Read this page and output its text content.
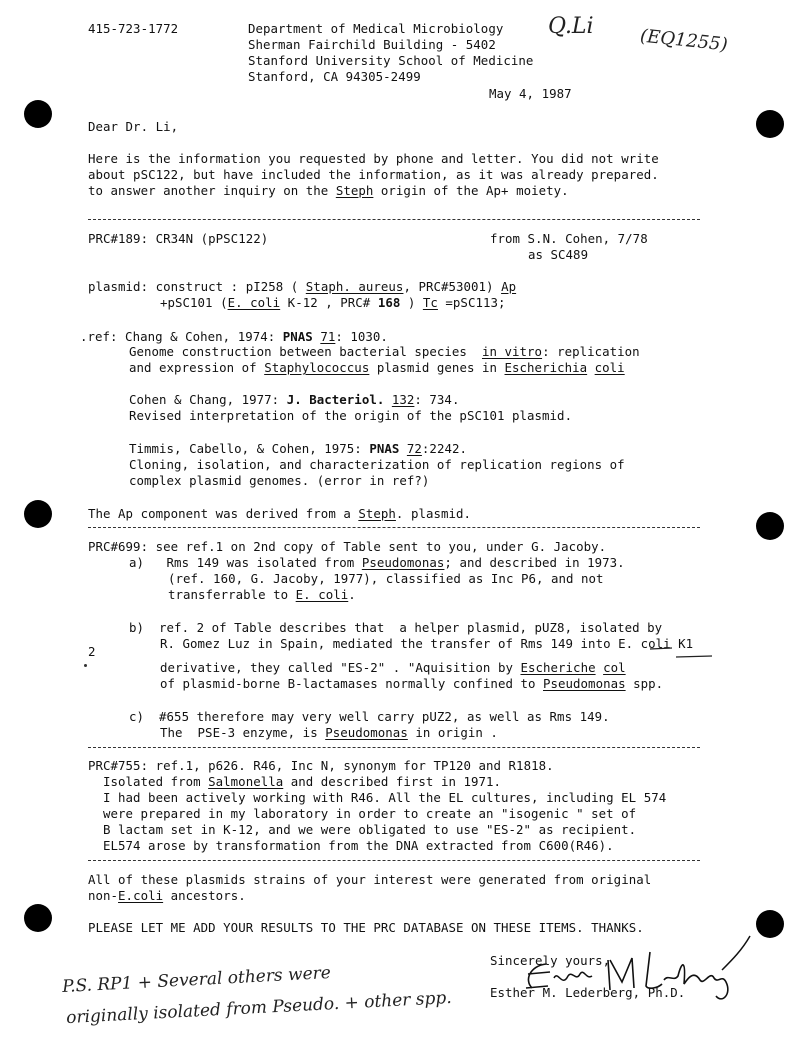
415-723-1772	Department of Medical Microbiology
Sherman Fairchild Building - 5402
Stanford University School of Medicine
Stanford, CA 94305-2499
May 4, 1987
Q.Li	(EQ1255)
Dear Dr. Li,
Here is the information you requested by phone and letter. You did not write
about pSC122, but have included the information, as it was already prepared.
to answer another inquiry on the Steph origin of the Ap+ moiety.
PRC#189: CR34N (pPSC122)	from S.N. Cohen, 7/78
as SC489
plasmid: construct : pI258 ( Staph. aureus, PRC#53001) Ap
+pSC101 (E. coli K-12 , PRC# 168 ) Tc =pSC113;
.ref: Chang & Cohen, 1974: PNAS 71: 1030.
Genome construction between bacterial species  in vitro: replication
and expression of Staphylococcus plasmid genes in Escherichia coli
Cohen & Chang, 1977: J. Bacteriol. 132: 734.
Revised interpretation of the origin of the pSC101 plasmid.
Timmis, Cabello, & Cohen, 1975: PNAS 72:2242.
Cloning, isolation, and characterization of replication regions of
complex plasmid genomes. (error in ref?)
The Ap component was derived from a Steph. plasmid.
PRC#699: see ref.1 on 2nd copy of Table sent to you, under G. Jacoby.
a)   Rms 149 was isolated from Pseudomonas; and described in 1973.
(ref. 160, G. Jacoby, 1977), classified as Inc P6, and not
transferrable to E. coli.
b)  ref. 2 of Table describes that  a helper plasmid, pUZ8, isolated by
R. Gomez Luz in Spain, mediated the transfer of Rms 149 into E. coli K1
2
derivative, they called "ES-2" . "Aquisition by Escheriche col
of plasmid-borne B-lactamases normally confined to Pseudomonas spp.
c)  #655 therefore may very well carry pUZ2, as well as Rms 149.
The  PSE-3 enzyme, is Pseudomonas in origin .
PRC#755: ref.1, p626. R46, Inc N, synonym for TP120 and R1818.
Isolated from Salmonella and described first in 1971.
I had been actively working with R46. All the EL cultures, including EL 574
were prepared in my laboratory in order to create an "isogenic " set of
B lactam set in K-12, and we were obligated to use "ES-2" as recipient.
EL574 arose by transformation from the DNA extracted from C600(R46).
All of these plasmids strains of your interest were generated from original
non-E.coli ancestors.
PLEASE LET ME ADD YOUR RESULTS TO THE PRC DATABASE ON THESE ITEMS. THANKS.
Sincerely yours,
Esther M. Lederberg, Ph.D.
P.S. RP1 + Several others were
originally isolated from Pseudo. + other spp.
